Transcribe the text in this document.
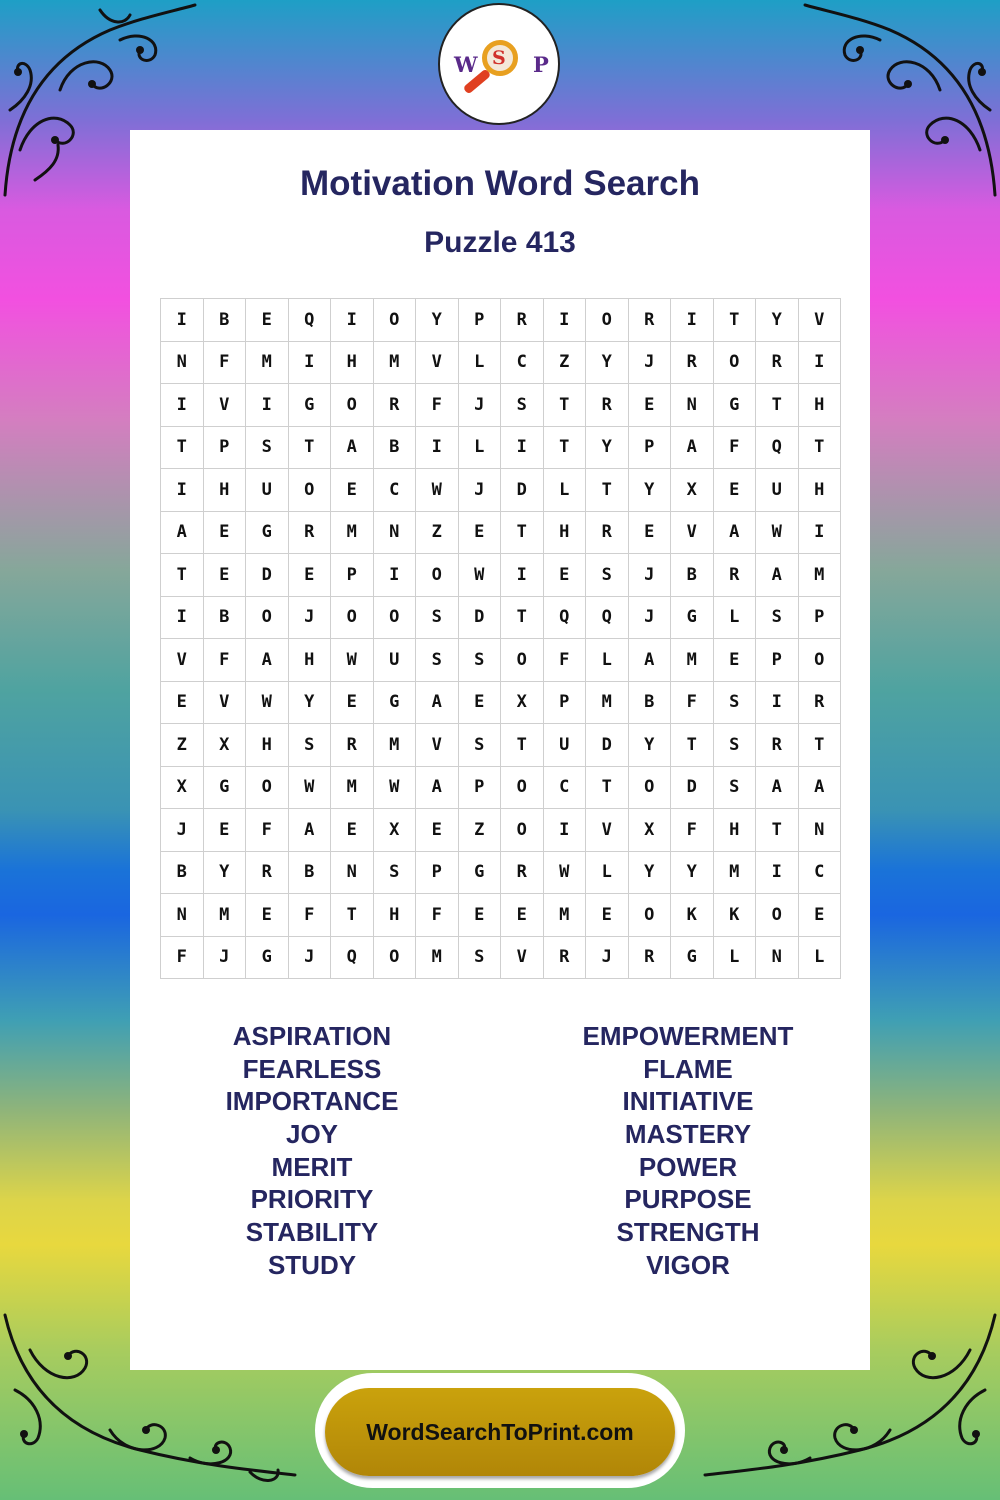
W S P
Motivation Word Search
Puzzle 413
I	B	E	Q	I	O	Y	P	R	I	O	R	I	T	Y	V
N	F	M	I	H	M	V	L	C	Z	Y	J	R	O	R	I
I	V	I	G	O	R	F	J	S	T	R	E	N	G	T	H
T	P	S	T	A	B	I	L	I	T	Y	P	A	F	Q	T
I	H	U	O	E	C	W	J	D	L	T	Y	X	E	U	H
A	E	G	R	M	N	Z	E	T	H	R	E	V	A	W	I
T	E	D	E	P	I	O	W	I	E	S	J	B	R	A	M
I	B	O	J	O	O	S	D	T	Q	Q	J	G	L	S	P
V	F	A	H	W	U	S	S	O	F	L	A	M	E	P	O
E	V	W	Y	E	G	A	E	X	P	M	B	F	S	I	R
Z	X	H	S	R	M	V	S	T	U	D	Y	T	S	R	T
X	G	O	W	M	W	A	P	O	C	T	O	D	S	A	A
J	E	F	A	E	X	E	Z	O	I	V	X	F	H	T	N
B	Y	R	B	N	S	P	G	R	W	L	Y	Y	M	I	C
N	M	E	F	T	H	F	E	E	M	E	O	K	K	O	E
F	J	G	J	Q	O	M	S	V	R	J	R	G	L	N	L
ASPIRATION
FEARLESS
IMPORTANCE
JOY
MERIT
PRIORITY
STABILITY
STUDY
EMPOWERMENT
FLAME
INITIATIVE
MASTERY
POWER
PURPOSE
STRENGTH
VIGOR
WordSearchToPrint.com
